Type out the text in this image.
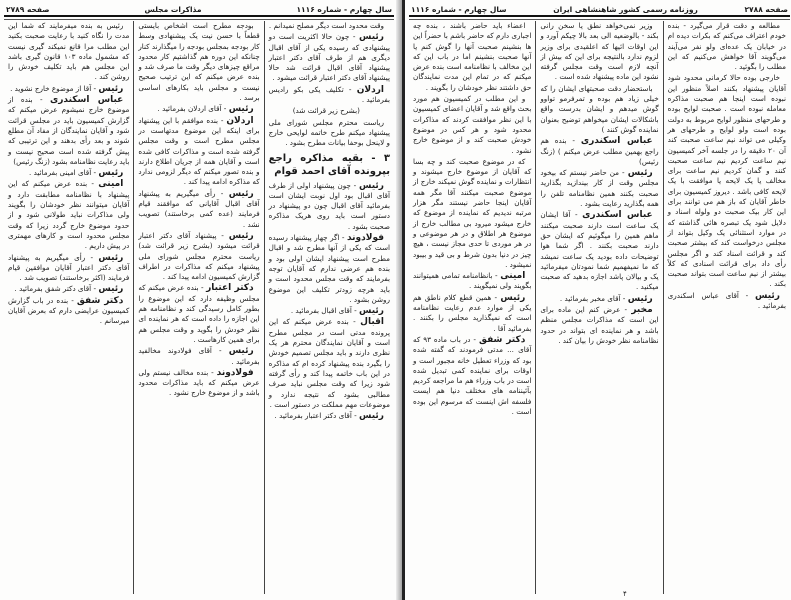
سال چهارم - شماره ۱۱۱۶
مذاکرات مجلس
صفحه ۲۷۸۹

رئیس به بنده میفرمایند که شما این مدت را نگاه کنید با رعایت صحبت بکنید این مطلب مرا قانع نمیکند گیری نیست که مشمول ماده ۱۰۳ قانون گیری باشد این مجلس هم باید تکلیف خودش را روشن کند .

رئیس - آقا از موضوع خارج نشوید .

عباس اسکندری - بنده از موضوع خارج نمیشوم عرض میکنم که گزارش کمیسیون باید در مجلس قرائت شود و آقایان نمایندگان از مفاد آن مطلع شوند و بعد رأی بدهند و این ترتیبی که پیش گرفته شده است صحیح نیست و باید رعایت نظامنامه بشود (زنگ رئیس)

رئیس - آقای امینی بفرمائید .

امینی - بنده عرض میکنم که این پیشنهاد با نظامنامه مطابقت دارد و آقایان میتوانند نظر خودشان را بگویند ولی مذاکرات نباید طولانی شود و از حدود موضوع خارج گردد زیرا که وقت مجلس محدود است و کارهای مهمتری در پیش داریم .

رئیس - رأی میگیریم به پیشنهاد آقای دکتر اعتبار آقایان موافقین قیام فرمایند (اکثر برخاستند) تصویب شد .

رئیس - آقای دکتر شفق بفرمائید .

دکتر شفق - بنده در باب گزارش کمیسیون عرایضی دارم که بعرض آقایان میرسانم .

بودجه مطرح است اشخاص بایستی قطعاً با حسن نیت یک پیشنهادی وسط کار بودجه بمجلس بودجه را میگذارند کنار چنانکه این دوره هم گذاشتیم کار محدود مراقع چیزهای دیگر وقت ما صرف شد و بنده عرض میکنم که این ترتیب صحیح نیست و مجلس باید بکارهای اساسی برسد .

رئیس - آقای اردلان بفرمائید .

اردلان - بنده موافقم با این پیشنهاد برای اینکه این موضوع مدتهاست در مجلس مطرح است و وقت مجلس گرفته شده است و مذاکرات کافی شده است و آقایان همه از جریان اطلاع دارند و بنده تصور میکنم که دیگر لزومی ندارد که مذاکره ادامه پیدا کند .

رئیس - رأی میگیریم به پیشنهاد آقای اقبال آقایانی که موافقند قیام فرمایند (عده کمی برخاستند) تصویب نشد .

رئیس - پیشنهاد آقای دکتر اعتبار قرائت میشود (بشرح زیر قرائت شد) ریاست محترم مجلس شورای ملی پیشنهاد میکنم که مذاکرات در اطراف گزارش کمیسیون ادامه پیدا کند .

دکتر اعتبار - بنده عرض میکنم که مجلس وظیفه دارد که این موضوع را بطور کامل رسیدگی کند و نظامنامه هم این اجازه را داده است که هر نماینده ای نظر خودش را بگوید و وقت مجلس هم برای همین کارهاست .

رئیس - آقای فولادوند مخالفید بفرمائید .

فولادوند - بنده مخالف نیستم ولی عرض میکنم که باید مذاکرات محدود باشد و از موضوع خارج نشود .

وقت محدود است دیگر مصلح نمیدانم .

رئیس - چون حالا اکثریت است دو پیشنهادی که رسیده یکی از آقای اقبال دیگری هم از طرف آقای دکتر اعتبار پیشنهاد آقای اقبال قرائت شد حالا پیشنهاد آقای دکتر اعتبار قرائت میشود .

اردلان - تکلیف یکی بکو رادیس بفرمائید .

(بشرح زیر قرائت شد)

ریاست محترم مجلس شورای ملی پیشنهاد میکنم طرح خاتمه لوایحی خارج و لاینحل بوحفا بیانات مطرح بشود .

۳ - بقیه مذاکره راجع بپرونده آقای احمد قوام

رئیس - چون پیشنهاد اولی از طرف آقای اقبال بود اول نوبت ایشان است بفرمائید آقای اقبال چون دو پیشنهاد در دستور است باید روی هریک مذاکره صحبت بشود .

فولادوند - اگر چهار پیشنهاد رسیده است که یکی از آنها مطرح شد و اقبال مطرح است پیشنهاد ایشان اولی بود و بنده هم عرضی ندارم که آقایان توجه بفرمایند که وقت مجلس محدود است و باید هرچه زودتر تکلیف این موضوع روشن بشود .

رئیس - آقای اقبال بفرمائید .

اقبال - بنده عرض میکنم که این پرونده مدتی است در مجلس مطرح است و آقایان نمایندگان محترم هر یک نظری دارند و باید مجلس تصمیم خودش را بگیرد بنده پیشنهاد کرده ام که مذاکره در این باب خاتمه پیدا کند و رأی گرفته شود زیرا که وقت مجلس نباید صرف مطالبی بشود که نتیجه ندارد و موضوعات مهم مملکت در دستور است .

رئیس - آقای دکتر اعتبار بفرمائید .

صفحه ۲۷۸۸
روزنامه رسمی کشور شاهنشاهی ایران
سال چهارم - شماره ۱۱۱۶

اعضاء باید حاضر باشند ، بنده چه اجباری دارم که حاضر باشم با حضراً این ها بنشینم صحبت آنها را گوش کنم یا آنها صحبت بنشینم اما در باب این که این مخالف با نظامنامه است بنده عرض میکنم که در تمام این مدت نمایندگان حق داشتند نظر خودشان را بگویند .

و این مطلب در کمیسیون هم مورد بحث واقع شد و آقایان اعضای کمیسیون با این نظر موافقت کردند که مذاکرات محدود شود و هر کس در موضوع خودش صحبت کند و از موضوع خارج نشود .

که در موضوع صحبت کند و چه بسا که آقایان از موضوع خارج میشوند و انتظارات و نماینده گوش نمیکند خارج از موضوع صحبت میکنند آقا مگر همه آقایان اینجا حاضر نیستند مگر هزار مرتبه ندیدیم که نماینده از موضوع که خارج میشود میرود بی مطالب خارج از موضوع هر اطلاق و در هر موضوعی و در هر موردی تا حدی مجاز نیست ، هیچ چیز در دنیا بدون شرط و بی قید و بیبود نمیشود .

امینی - بانظامنامه تمامی همیتوانند بگویند ولی نمیگویند .

رئیس - همین قطع کلام ناطق هم یکی از موارد عدم رعایت نظامنامه است که نمیگذارید مجلس را بکنند . بفرمائید آقا .

دکتر شفق - در باب ماده ۹۳ که آقای ... مدتی فرمودند که گفته شده بود که وزراء تعطیل خانه مجبور است و اوقات برای نماینده کمی تبدیل شده است در باب وزراء هم ما مراجعه کردیم بآئیننامه های مختلف دنیا هم ایست فلسفه اش اینست که مرسوم این بوده است .

وزیر نمی‌خواهد نطق یا سخن رانی بکند - بالوضعیه الی بعد بالا چیکم آورد و این اوقات ائیها که اعلقیدی برای وزیر لزوم ندارد بالنتیجه برای این که بیش از آنچه لازم است وقت مجلس گرفته نشود این ماده پیشنهاد شده است .

باستحضار دقت صحبتهای ایشان را که خیلی زیاد هم بوده و تمرفرمو تواوو گوش میدهم و ایشان بدرست واقع باشکالات ایشان میخواهم توضیح بعنوان نماینده گوش کنند )

عباس اسکندری - بنده هم راجع بهمین مطلب عرض میکنم ) (زنگ رئیس)

رئیس - من حاضر نیستم که بیخود مجلس وقت از کار بیندازید بگذارید صحبت بکنند همین نظامنامه تلفن را همه بگذارید رعایت بشود .

عباس اسکندری - آقا ایشان یک ساعت است دارند صحبت میکنند ماهم همین را میگوئیم که ایشان حق دارند صحبت بکنند . اگر شما هوا توضیحات داده بودید یک ساعت نمیشد که ما نمیفهمیم شما نمودتان میفرمائید یک و بیالان پاشد اجازه بدهید که صحبت میکنید .

رئیس - آقای مخبر بفرمائید .

مخبر - عرض کنم این ماده برای این است که مذاکرات مجلس منظم باشد و هر نماینده ای بتواند در حدود نظامنامه نظر خودش را بیان کند .

مطالعه و دقت قرار می‌گیرد - بنده خودم اعتراف می‌کنم که بکرات دیده ام در خیابان یک عده‌ای ولو نفر می‌آیند می‌گویند آقا خواهش می‌کنیم که این مطلب را بگوئید .

خارجی بوده حالا کرمانی محدود شود آقایان پیشنهاد بکنند اصلاً منظور این نبوده است اینجا هم صحبت مذاکره معامله نبوده است . صحبت لوایح بوده و طرحهای منظور لوایح مربوط به دولت بوده است ولو لوایح و طرحهای هر وکیلی می تواند نیم ساعت صحبت کند آن ۲۰ دقیقه را در جلسه آخر کمیسیون نیم ساعت کردیم نیم ساعت صحبت کنند و گمان کردیم نیم ساعت برای مخالف یا یک لایحه یا موافقت با یک لایحه کافی باشد . دیروز کمیسیون برای خاطر آقایان که باز هم می توانند برای این کار بیک صحبت دو ولوله اسناد و دلایل شود یک تبصره هائی گذاشته که در موارد استثنائی یک وکیل بتواند از مجلس درخواست کند که بیشتر صحبت کند و قرائت اسناد کند و اگر مجلس رأی داد برای قرائت اسنادی که کلاً بیشتر از نیم ساعت است بتواند صحبت بکند .

رئیس - آقای عباس اسکندری بفرمائید .

۴
